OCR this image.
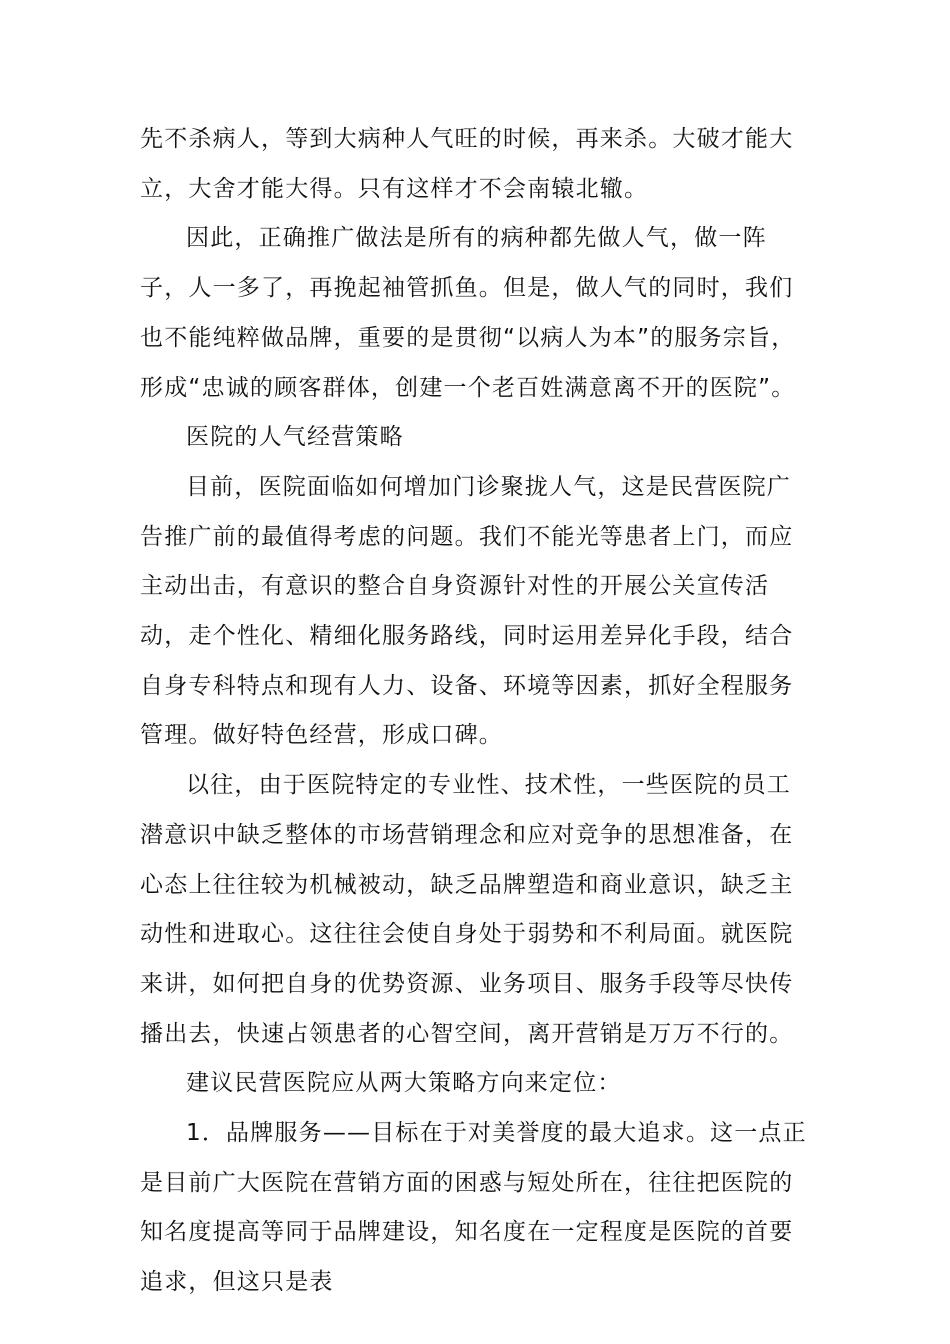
先不杀病人，等到大病种人气旺的时候，再来杀。大破才能大立，大舍才能大得。只有这样才不会南辕北辙。

因此，正确推广做法是所有的病种都先做人气，做一阵子，人一多了，再挽起袖管抓鱼。但是，做人气的同时，我们也不能纯粹做品牌，重要的是贯彻“以病人为本”的服务宗旨，形成“忠诚的顾客群体，创建一个老百姓满意离不开的医院”。

医院的人气经营策略

目前，医院面临如何增加门诊聚拢人气，这是民营医院广告推广前的最值得考虑的问题。我们不能光等患者上门，而应主动出击，有意识的整合自身资源针对性的开展公关宣传活动，走个性化、精细化服务路线，同时运用差异化手段，结合自身专科特点和现有人力、设备、环境等因素，抓好全程服务管理。做好特色经营，形成口碑。

以往，由于医院特定的专业性、技术性，一些医院的员工潜意识中缺乏整体的市场营销理念和应对竞争的思想准备，在心态上往往较为机械被动，缺乏品牌塑造和商业意识，缺乏主动性和进取心。这往往会使自身处于弱势和不利局面。就医院来讲，如何把自身的优势资源、业务项目、服务手段等尽快传播出去，快速占领患者的心智空间，离开营销是万万不行的。

建议民营医院应从两大策略方向来定位：

1．品牌服务——目标在于对美誉度的最大追求。这一点正是目前广大医院在营销方面的困惑与短处所在，往往把医院的知名度提高等同于品牌建设，知名度在一定程度是医院的首要追求，但这只是表
